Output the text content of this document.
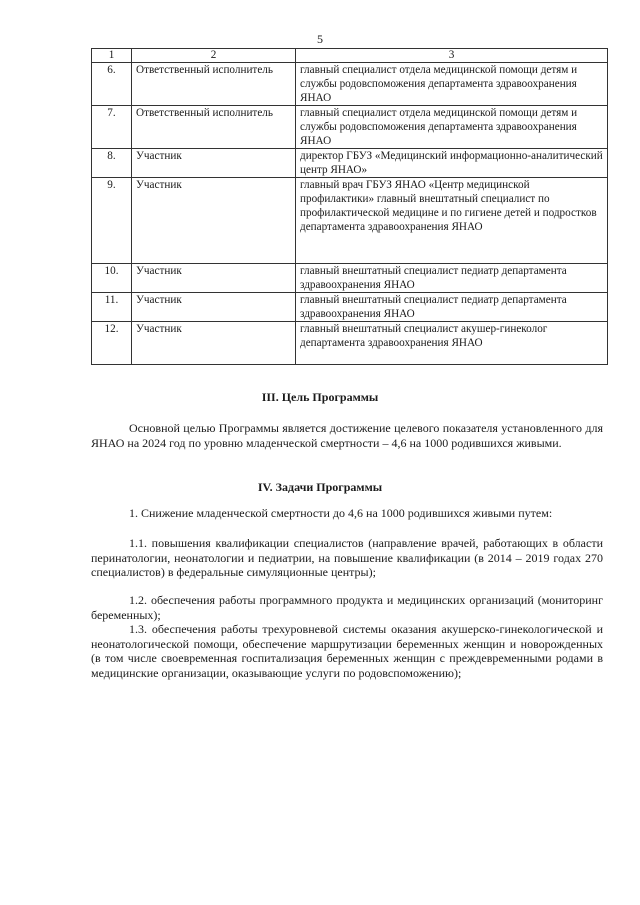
5
1	2	3
6.	Ответственный исполнитель	главный специалист отдела медицинской помощи детям и службы родовспоможения департамента здравоохранения ЯНАО
7.	Ответственный исполнитель	главный специалист отдела медицинской помощи детям и службы родовспоможения департамента здравоохранения ЯНАО
8.	Участник	директор ГБУЗ «Медицинский информационно-аналитический центр ЯНАО»
9.	Участник	главный врач ГБУЗ ЯНАО «Центр медицинской профилактики» главный внештатный специалист по профилактической медицине и по гигиене детей и подростков департамента здравоохранения ЯНАО
10.	Участник	главный внештатный специалист педиатр департамента здравоохранения ЯНАО
11.	Участник	главный внештатный специалист педиатр департамента здравоохранения ЯНАО
12.	Участник	главный внештатный специалист акушер-гинеколог департамента здравоохранения ЯНАО
III. Цель Программы

Основной целью Программы является достижение целевого показателя установленного для ЯНАО на 2024 год по уровню младенческой смертности – 4,6 на 1000 родившихся живыми.

IV. Задачи Программы

1. Снижение младенческой смертности до 4,6 на 1000 родившихся живыми путем:

1.1. повышения квалификации специалистов (направление врачей, работающих в области перинатологии, неонатологии и педиатрии, на повышение квалификации (в 2014 – 2019 годах 270 специалистов) в федеральные симуляционные центры);

1.2. обеспечения работы программного продукта и медицинских организаций (мониторинг беременных);

1.3. обеспечения работы трехуровневой системы оказания акушерско-гинекологической и неонатологической помощи, обеспечение маршрутизации беременных женщин и новорожденных (в том числе своевременная госпитализация беременных женщин с преждевременными родами в медицинские организации, оказывающие услуги по родовспоможению);
